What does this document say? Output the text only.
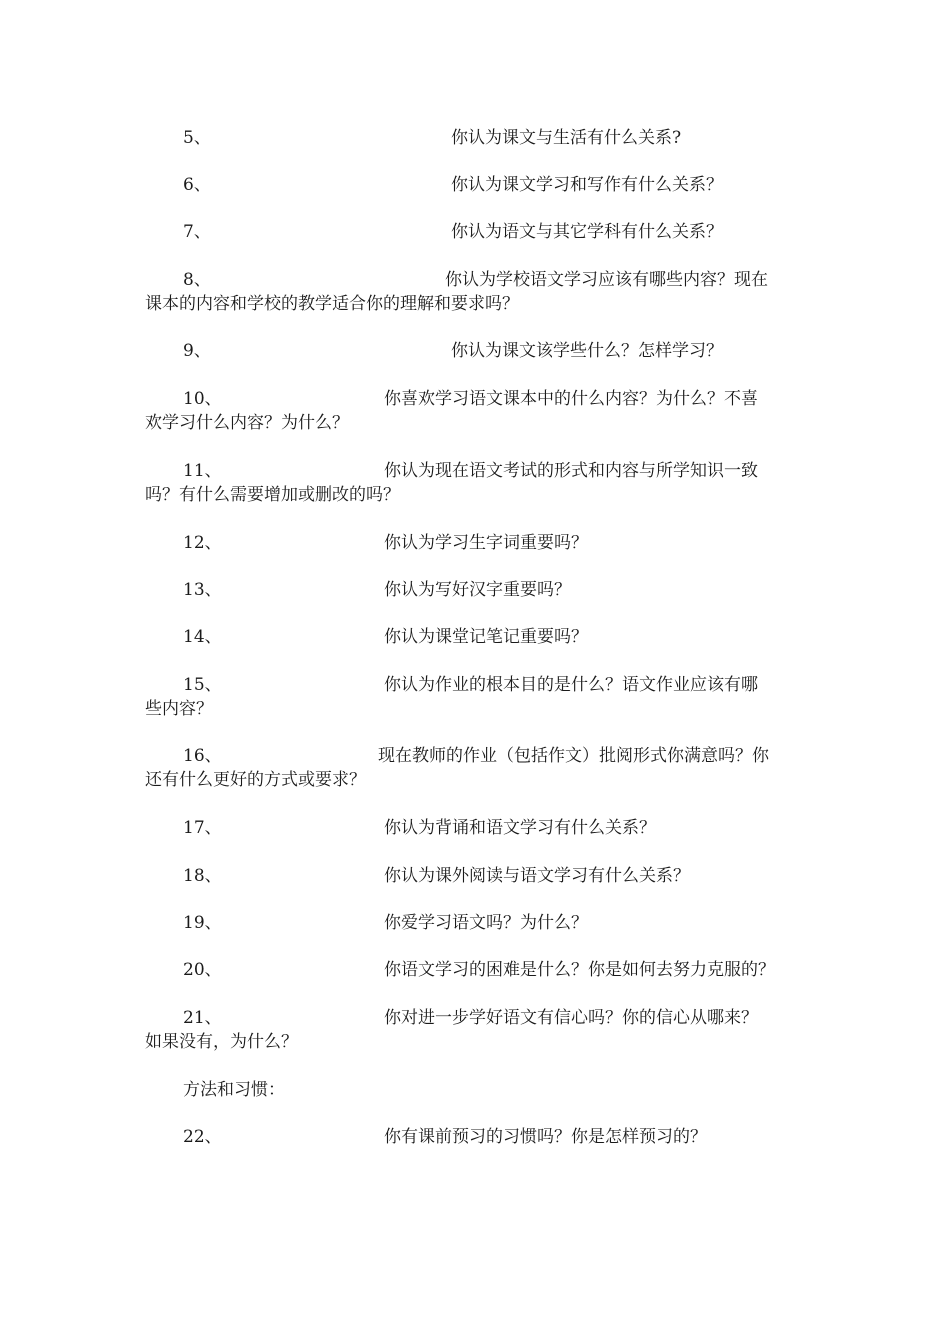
5、	你认为课文与生活有什么关系?
6、	你认为课文学习和写作有什么关系？
7、	你认为语文与其它学科有什么关系？
8、	你认为学校语文学习应该有哪些内容？现在
课本的内容和学校的教学适合你的理解和要求吗？
9、	你认为课文该学些什么？怎样学习？
10、	你喜欢学习语文课本中的什么内容？为什么？不喜
欢学习什么内容？为什么？
11、	你认为现在语文考试的形式和内容与所学知识一致
吗？有什么需要增加或删改的吗？
12、	你认为学习生字词重要吗？
13、	你认为写好汉字重要吗？
14、	你认为课堂记笔记重要吗？
15、	你认为作业的根本目的是什么？语文作业应该有哪
些内容？
16、	现在教师的作业（包括作文）批阅形式你满意吗？你
还有什么更好的方式或要求？
17、	你认为背诵和语文学习有什么关系？
18、	你认为课外阅读与语文学习有什么关系？
19、	你爱学习语文吗？为什么？
20、	你语文学习的困难是什么？你是如何去努力克服的？
21、	你对进一步学好语文有信心吗？你的信心从哪来？
如果没有，为什么？
方法和习惯：
22、	你有课前预习的习惯吗？你是怎样预习的？
